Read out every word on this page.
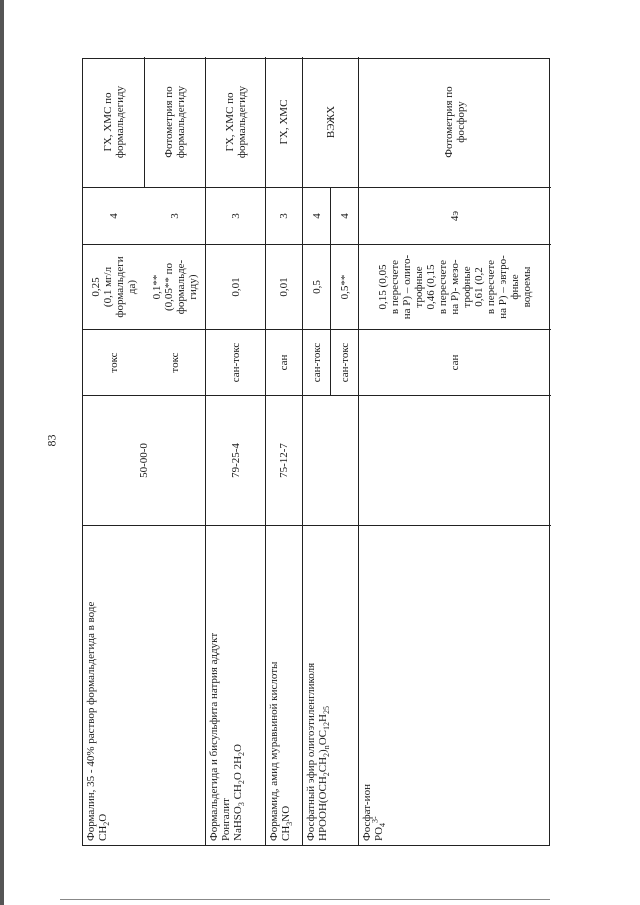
83
Формалин, 35 - 40% раствор формальдегида в воде $CH_2O$
50-00-0
токс
0,25 (0,1 мг/л формальдеги да)
4
ГХ, ХМС по формальдегиду
токс
0,1** (0,05** по формальде- гиду)
3
Фотометрия по формальдегиду
Формальдегида и бисульфита натрия аддукт Ронгалит NaHSO$_3$ $CH_2O$ $2H_2O$
79-25-4
сан-токс
0,01
3
ГХ, ХМС по формальдегиду
Формамид, амид муравьиной кислоты $CH_3NO$
75-12-7
сан
0,01
3
ГХ, ХМС
Фосфатный эфир олигоэтиленгликоля $HPOOH(OCH_2CH_2)_nOC_{12}H_{25}$
сан-токс
0,5
4
ВЭЖХ
сан-токс
0,5**
4
Фосфат-ион $PO_4^{3-}$
сан
0,15 (0,05 в пересчете на Р) – олиго- трофные 0,46 (0,15 в пересчете на Р)- мезо- трофные 0,61 (0,2 в пересчете на Р) – эвтро- фные водоемы
4э
Фотометрия по фосфору
